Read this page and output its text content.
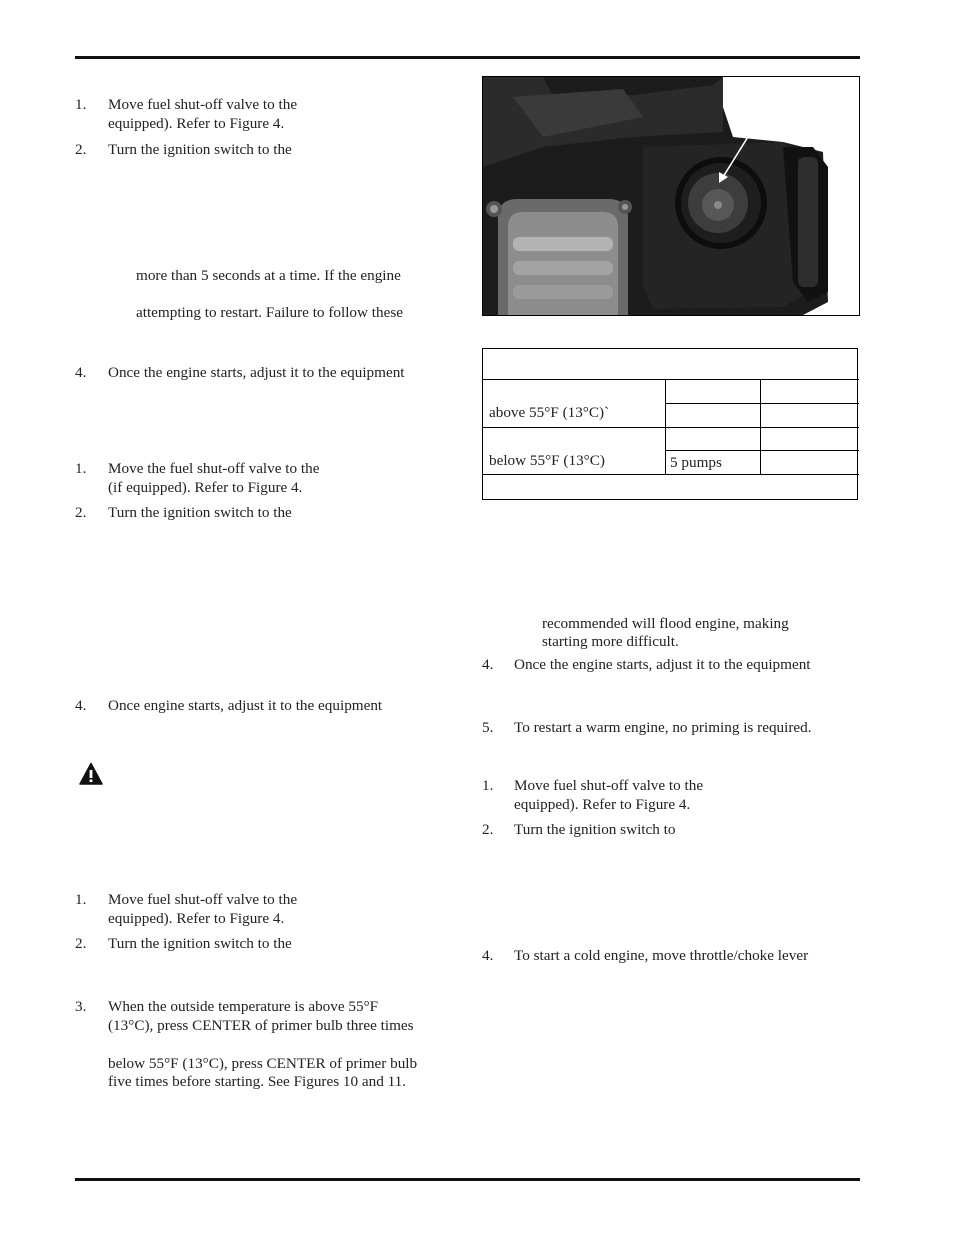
1. Move fuel shut-off valve to the
equipped). Refer to Figure 4.
2. Turn the ignition switch to the
more than 5 seconds at a time. If the engine
attempting to restart. Failure to follow these
4. Once the engine starts, adjust it to the equipment
1. Move the fuel shut-off valve to the
(if equipped). Refer to Figure 4.
2. Turn the ignition switch to the
4. Once engine starts, adjust it to the equipment
1. Move fuel shut-off valve to the
equipped). Refer to Figure 4.
2. Turn the ignition switch to the
3. When the outside temperature is above 55°F
(13°C), press CENTER of primer bulb three times
below 55°F (13°C), press CENTER of primer bulb
five times before starting. See Figures 10 and 11.
above 55°F (13°C)`
below 55°F (13°C)	5 pumps
recommended will flood engine, making
starting more difficult.
4. Once the engine starts, adjust it to the equipment
5. To restart a warm engine, no priming is required.
1. Move fuel shut-off valve to the
equipped). Refer to Figure 4.
2. Turn the ignition switch to
4. To start a cold engine, move throttle/choke lever
